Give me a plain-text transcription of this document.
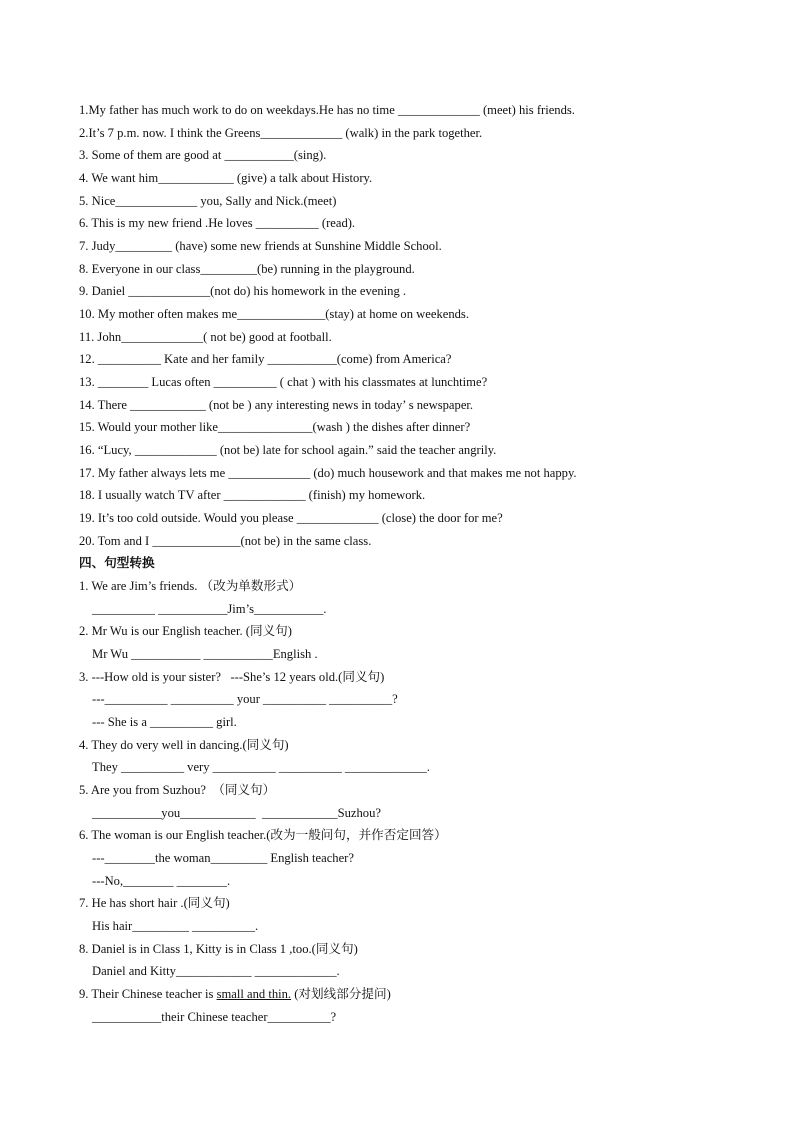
1.My father has much work to do on weekdays.He has no time _____________ (meet) his friends.
2.It’s 7 p.m. now. I think the Greens_____________ (walk) in the park together.
3. Some of them are good at ___________(sing).
4. We want him____________ (give) a talk about History.
5. Nice_____________ you, Sally and Nick.(meet)
6. This is my new friend .He loves __________ (read).
7. Judy_________ (have) some new friends at Sunshine Middle School.
8. Everyone in our class_________(be) running in the playground.
9. Daniel _____________(not do) his homework in the evening .
10. My mother often makes me______________(stay) at home on weekends.
11. John_____________( not be) good at football.
12. __________ Kate and her family ___________(come) from America?
13. ________ Lucas often __________ ( chat ) with his classmates at lunchtime?
14. There ____________ (not be ) any interesting news in today’ s newspaper.
15. Would your mother like_______________(wash ) the dishes after dinner?
16. “Lucy, _____________ (not be) late for school again.” said the teacher angrily.
17. My father always lets me _____________ (do) much housework and that makes me not happy.
18. I usually watch TV after _____________ (finish) my homework.
19. It’s too cold outside. Would you please _____________ (close) the door for me?
20. Tom and I ______________(not be) in the same class.
四、句型转换
1. We are Jim’s friends. （改为单数形式）
__________ ___________Jim’s___________.
2. Mr Wu is our English teacher. (同义句)
Mr Wu ___________ ___________English .
3. ---How old is your sister?   ---She’s 12 years old.(同义句)
---__________ __________ your __________ __________?
--- She is a __________ girl.
4. They do very well in dancing.(同义句)
They __________ very __________ __________ _____________.
5. Are you from Suzhou?  （同义句）
___________you____________  ____________Suzhou?
6. The woman is our English teacher.(改为一般问句，并作否定回答）
---________the woman_________ English teacher?
---No,________ ________.
7. He has short hair .(同义句)
His hair_________ __________.
8. Daniel is in Class 1, Kitty is in Class 1 ,too.(同义句)
Daniel and Kitty____________ _____________.
9. Their Chinese teacher is small and thin. (对划线部分提问)
___________their Chinese teacher__________?
